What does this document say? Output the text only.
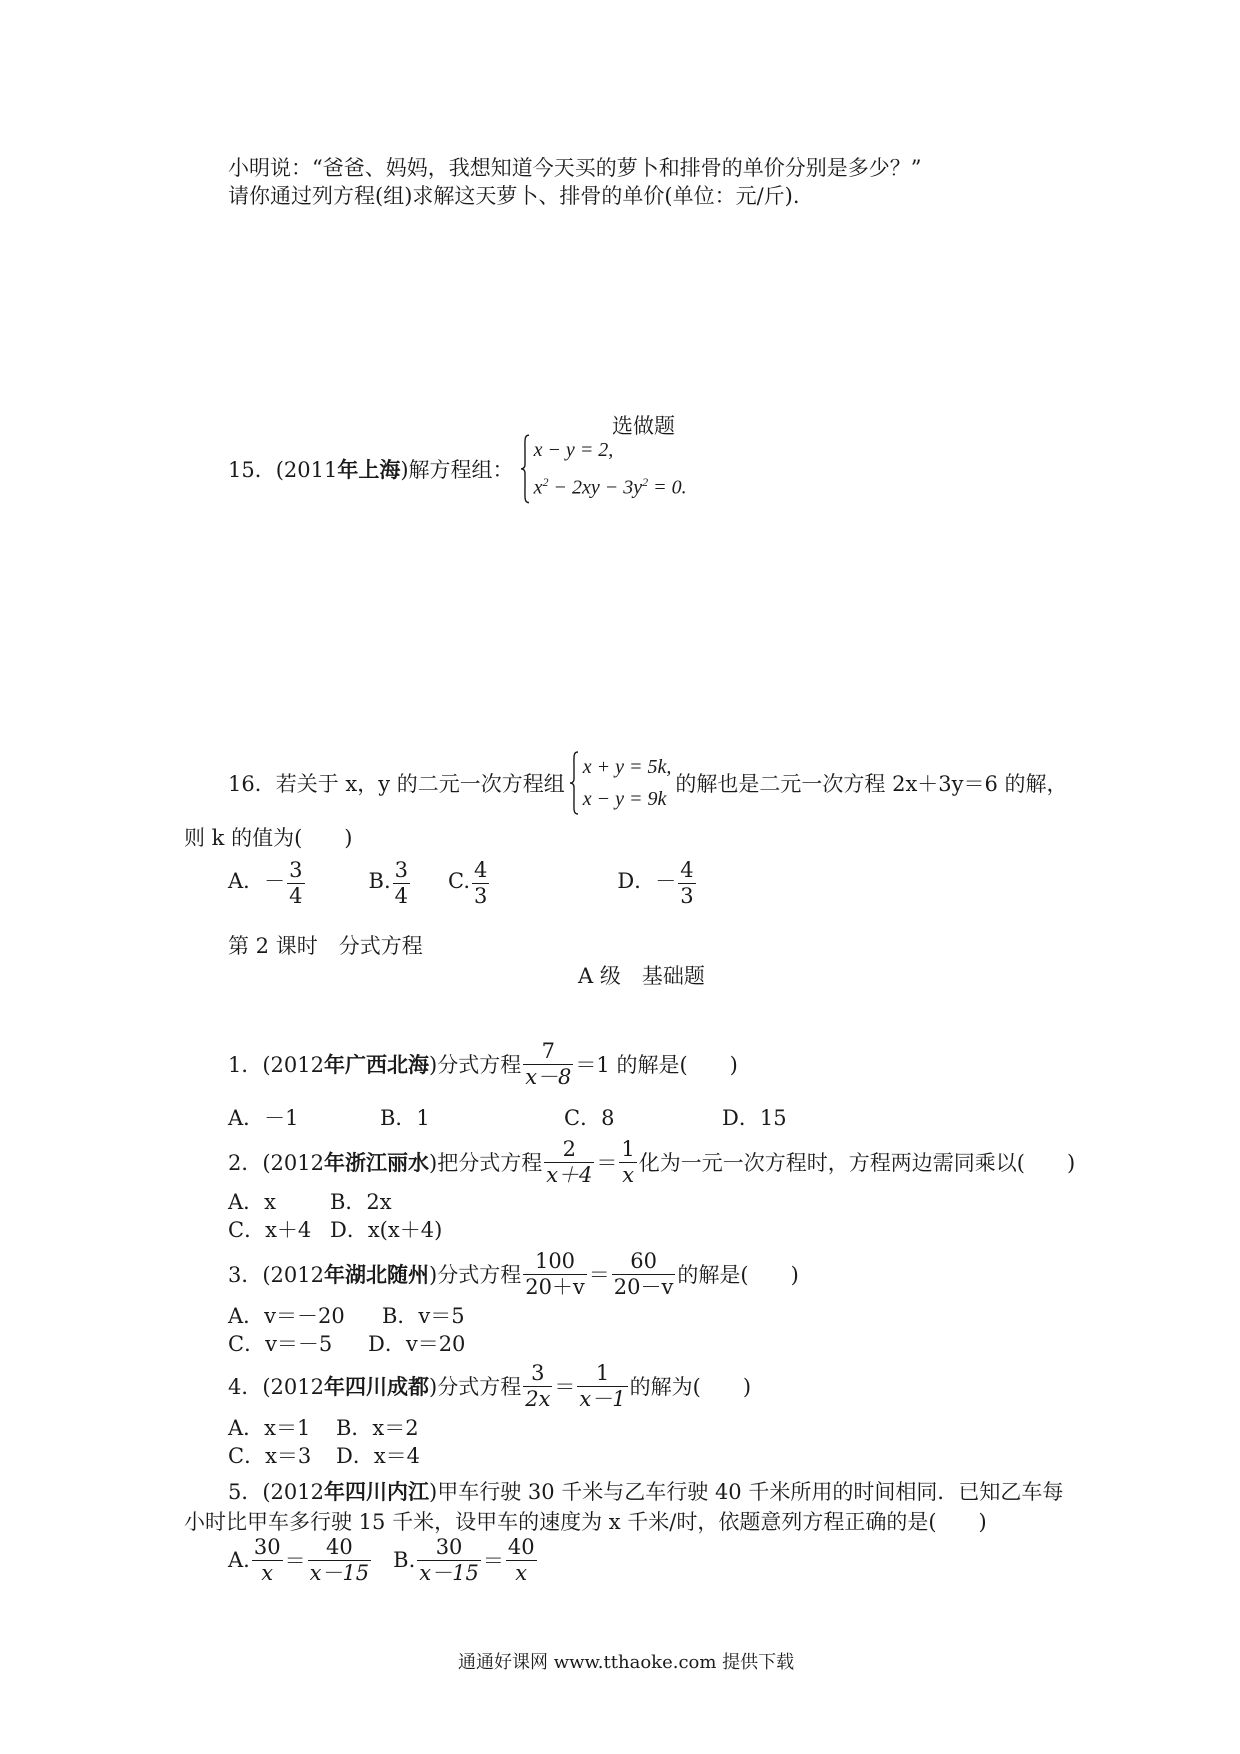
小明说：“爸爸、妈妈，我想知道今天买的萝卜和排骨的单价分别是多少？”
请你通过列方程(组)求解这天萝卜、排骨的单价(单位：元/斤).
选做题
15．(2011 年上海 )解方程组：
x − y = 2,
$x^2 - 2xy - 3y^2 = 0$.
16．若关于 x，y 的二元一次方程组
x + y = 5k,
x − y = 9k
的解也是二元一次方程 2x＋3y＝6 的解，
则 k 的值为(　　)
A．－ $\frac{3}{4}$	B. $\frac{3}{4} C$. $\frac{4}{3}$	D．－ $\frac{4}{3}$
第 2 课时　分式方程
A 级　基础题
1．(2012 年广西北海 )分式方程 $\frac{7}{x-8} =1$ 的解是(　　)
A．－1	B．1	C．8	D．15
2．(2012 年浙江丽水 )把分式方程 $\frac{2}{x+4} = \frac{1}{x}$ 化为一元一次方程时，方程两边需同乘以(　　)
A．x	B．2x
C．x＋4 D．x(x＋4)
3．(2012 年湖北随州 )分式方程 $\frac{100}{20+v} = \frac{60}{20-v}$ 的解是(　　)
A．v＝－20 B．v＝5
C．v＝－5 D．v＝20
4．(2012 年四川成都 )分式方程 $\frac{3}{2x} = \frac{1}{x-1}$ 的解为(　　)
A．x＝1 B．x＝2
C．x＝3 D．x＝4
5．(2012年四川内江)甲车行驶 30 千米与乙车行驶 40 千米所用的时间相同．已知乙车每
小时比甲车多行驶 15 千米，设甲车的速度为 x 千米/时，依题意列方程正确的是(　　)
A. $\frac{30}{x} = \frac{40}{x-15} B$. $\frac{30}{x-15} = \frac{40}{x}$
通通好课网 www.tthaoke.com 提供下载
